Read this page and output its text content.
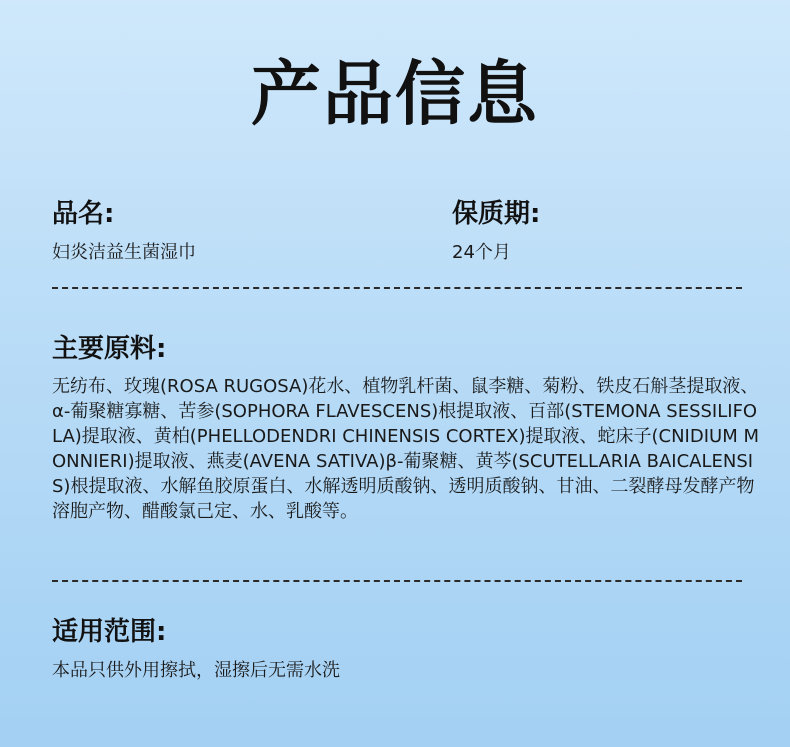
产品信息
品名:
妇炎洁益生菌湿巾
保质期:
24个月
主要原料:
无纺布、玫瑰(ROSA RUGOSA)花水、植物乳杆菌、鼠李糖、菊粉、铁皮石斛茎提取液、α-葡聚糖寡糖、苦参(SOPHORA FLAVESCENS)根提取液、百部(STEMONA SESSILIFOLA)提取液、黄柏(PHELLODENDRI CHINENSIS CORTEX)提取液、蛇床子(CNIDIUM MONNIERI)提取液、燕麦(AVENA SATIVA)β-葡聚糖、黄芩(SCUTELLARIA BAICALENSIS)根提取液、水解鱼胶原蛋白、水解透明质酸钠、透明质酸钠、甘油、二裂酵母发酵产物溶胞产物、醋酸氯己定、水、乳酸等。
适用范围:
本品只供外用擦拭，湿擦后无需水洗
